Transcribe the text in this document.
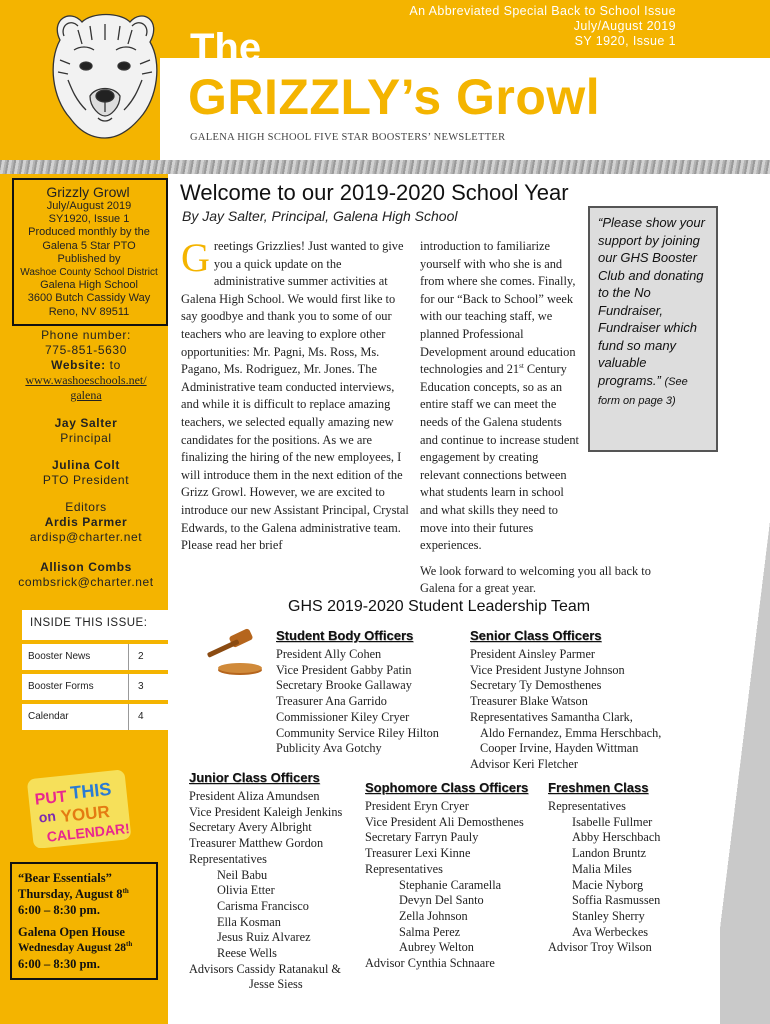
An Abbreviated Special Back to School Issue
July/August 2019
SY 1920, Issue 1
The
GRIZZLY’s Growl
GALENA HIGH SCHOOL FIVE STAR BOOSTERS’ NEWSLETTER
Grizzly Growl
July/August 2019
SY1920, Issue 1
Produced monthly by the
Galena 5 Star PTO
Published by
Washoe County School District
Galena High School
3600 Butch Cassidy Way
Reno, NV 89511
Phone number:
775-851-5630
Website: to
www.washoeschools.net/
galena
Jay Salter
Principal
Julina Colt
PTO President
Editors
Ardis Parmer
ardisp@charter.net
Allison Combs
combsrick@charter.net
INSIDE THIS ISSUE:
Booster News	2
Booster Forms	3
Calendar	4
PUT THIS
on YOUR
CALENDAR!
“Bear Essentials”
Thursday, August 8th
6:00 – 8:30 pm.
Galena Open House
Wednesday August 28th
6:00 – 8:30 pm.
Welcome to our 2019-2020 School Year
By Jay Salter, Principal, Galena High School
Greetings Grizzlies! Just wanted to give you a quick update on the administrative summer activities at Galena High School. We would first like to say goodbye and thank you to some of our teachers who are leaving to explore other opportunities: Mr. Pagni, Ms. Ross, Ms. Pagano, Ms. Rodriguez, Mr. Jones. The Administrative team conducted interviews, and while it is difficult to replace amazing teachers, we selected equally amazing new candidates for the positions. As we are finalizing the hiring of the new employees, I will introduce them in the next edition of the Grizz Growl. However, we are excited to introduce our new Assistant Principal, Crystal Edwards, to the Galena administrative team. Please read her brief

introduction to familiarize yourself with who she is and from where she comes. Finally, for our “Back to School” week with our teaching staff, we planned Professional Development around education technologies and 21st Century Education concepts, so as an entire staff we can meet the needs of the Galena students and continue to increase student engagement by creating relevant connections between what students learn in school and what skills they need to move into their futures experiences.

We look forward to welcoming you all back to Galena for a great year.

“Please show your support by joining our GHS Booster Club and donating to the No Fundraiser, Fundraiser which fund so many valuable programs.” (See form on page 3)
GHS 2019-2020 Student Leadership Team
Student Body Officers
President Ally Cohen
Vice President Gabby Patin
Secretary Brooke Gallaway
Treasurer Ana Garrido
Commissioner Kiley Cryer
Community Service Riley Hilton
Publicity Ava Gotchy
Senior Class Officers
President Ainsley Parmer
Vice President Justyne Johnson
Secretary Ty Demosthenes
Treasurer Blake Watson
Representatives Samantha Clark,
Aldo Fernandez, Emma Herschbach,
Cooper Irvine, Hayden Wittman
Advisor Keri Fletcher
Junior Class Officers
President Aliza Amundsen
Vice President Kaleigh Jenkins
Secretary Avery Albright
Treasurer Matthew Gordon
Representatives
Neil Babu
Olivia Etter
Carisma Francisco
Ella Kosman
Jesus Ruiz Alvarez
Reese Wells
Advisors Cassidy Ratanakul &
Jesse Siess
Sophomore Class Officers
President Eryn Cryer
Vice President Ali Demosthenes
Secretary Farryn Pauly
Treasurer Lexi Kinne
Representatives
Stephanie Caramella
Devyn Del Santo
Zella Johnson
Salma Perez
Aubrey Welton
Advisor Cynthia Schnaare
Freshmen Class
Representatives
Isabelle Fullmer
Abby Herschbach
Landon Bruntz
Malia Miles
Macie Nyborg
Soffia Rasmussen
Stanley Sherry
Ava Werbeckes
Advisor Troy Wilson
